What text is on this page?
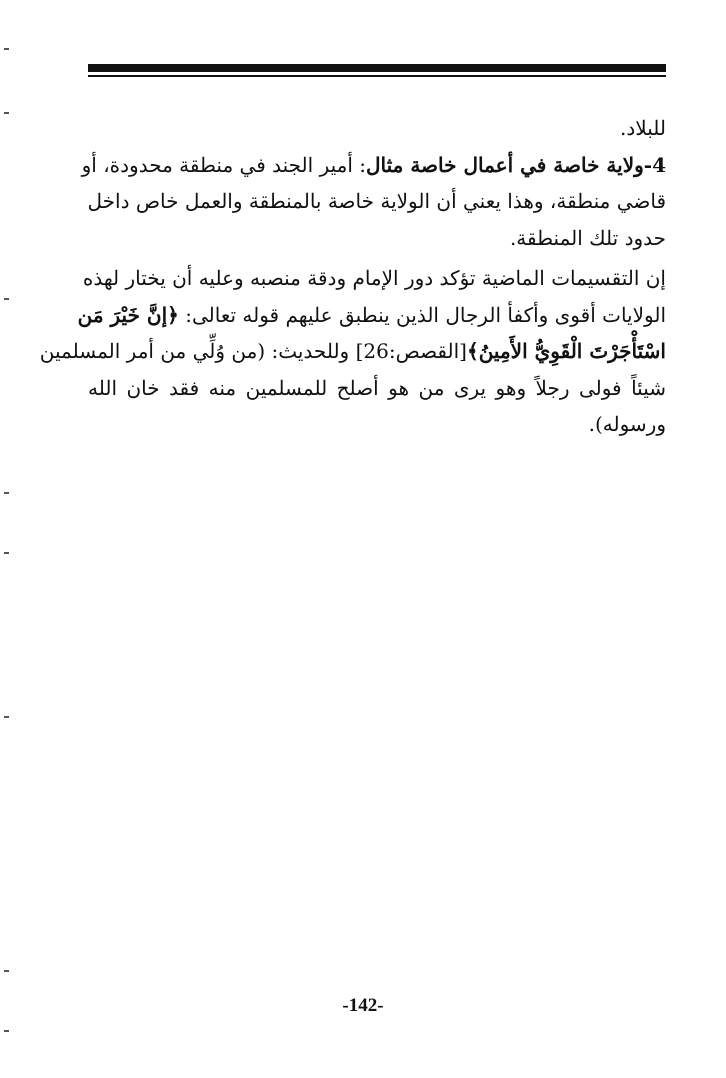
للبلاد.
4-ولاية خاصة في أعمال خاصة مثال: أمير الجند في منطقة محدودة، أو
قاضي منطقة، وهذا يعني أن الولاية خاصة بالمنطقة والعمل خاص داخل
حدود تلك المنطقة.
إن التقسيمات الماضية تؤكد دور الإمام ودقة منصبه وعليه أن يختار لهذه
الولايات أقوى وأكفأ الرجال الذين ينطبق عليهم قوله تعالى: ﴿إنَّ خَيْرَ مَن
اسْتَأْجَرْتَ الْقَوِيُّ الأَمِينُ﴾[القصص:26] وللحديث: (من وُلِّي من أمر المسلمين
شيئاً فولى رجلاً وهو يرى من هو أصلح للمسلمين منه فقد خان الله
ورسوله).
-142-
